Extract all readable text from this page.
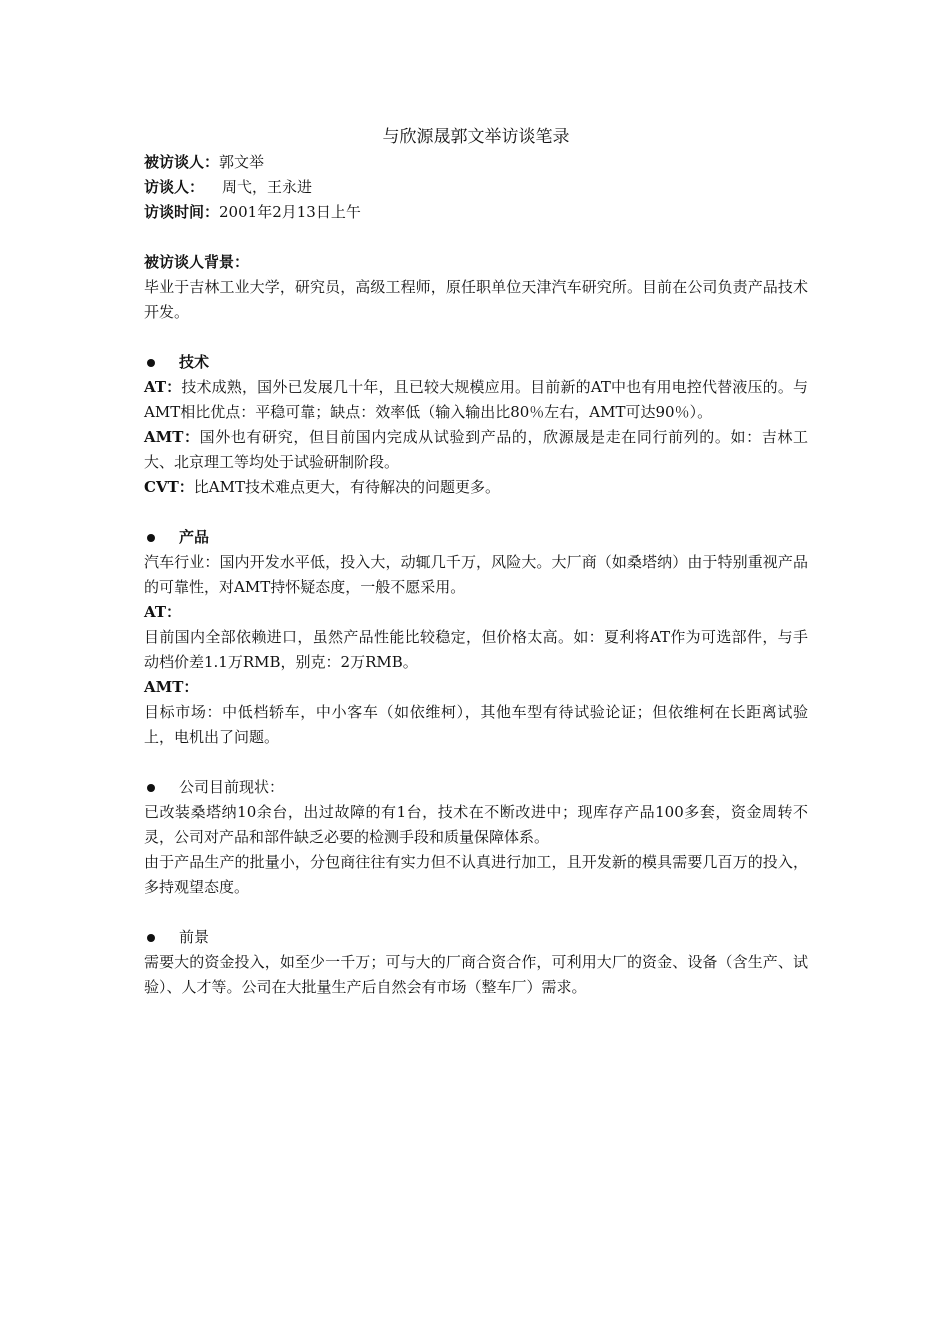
与欣源晟郭文举访谈笔录

被访谈人：郭文举

访谈人： 周弋，王永进

访谈时间：2001年2月13日上午

被访谈人背景：

毕业于吉林工业大学，研究员，高级工程师，原任职单位天津汽车研究所。目前在公司负责产品技术开发。

技术

AT：技术成熟，国外已发展几十年，且已较大规模应用。目前新的AT中也有用电控代替液压的。与AMT相比优点：平稳可靠；缺点：效率低（输入输出比80％左右，AMT可达90％）。

AMT：国外也有研究，但目前国内完成从试验到产品的，欣源晟是走在同行前列的。如：吉林工大、北京理工等均处于试验研制阶段。

CVT：比AMT技术难点更大，有待解决的问题更多。

产品

汽车行业：国内开发水平低，投入大，动辄几千万，风险大。大厂商（如桑塔纳）由于特别重视产品的可靠性，对AMT持怀疑态度，一般不愿采用。

AT：

目前国内全部依赖进口，虽然产品性能比较稳定，但价格太高。如：夏利将AT作为可选部件，与手动档价差1.1万RMB，别克：2万RMB。

AMT：

目标市场：中低档轿车，中小客车（如依维柯），其他车型有待试验论证；但依维柯在长距离试验上，电机出了问题。

公司目前现状：

已改装桑塔纳10余台，出过故障的有1台，技术在不断改进中；现库存产品100多套，资金周转不灵，公司对产品和部件缺乏必要的检测手段和质量保障体系。

由于产品生产的批量小，分包商往往有实力但不认真进行加工，且开发新的模具需要几百万的投入，多持观望态度。

前景

需要大的资金投入，如至少一千万；可与大的厂商合资合作，可利用大厂的资金、设备（含生产、试验）、人才等。公司在大批量生产后自然会有市场（整车厂）需求。
